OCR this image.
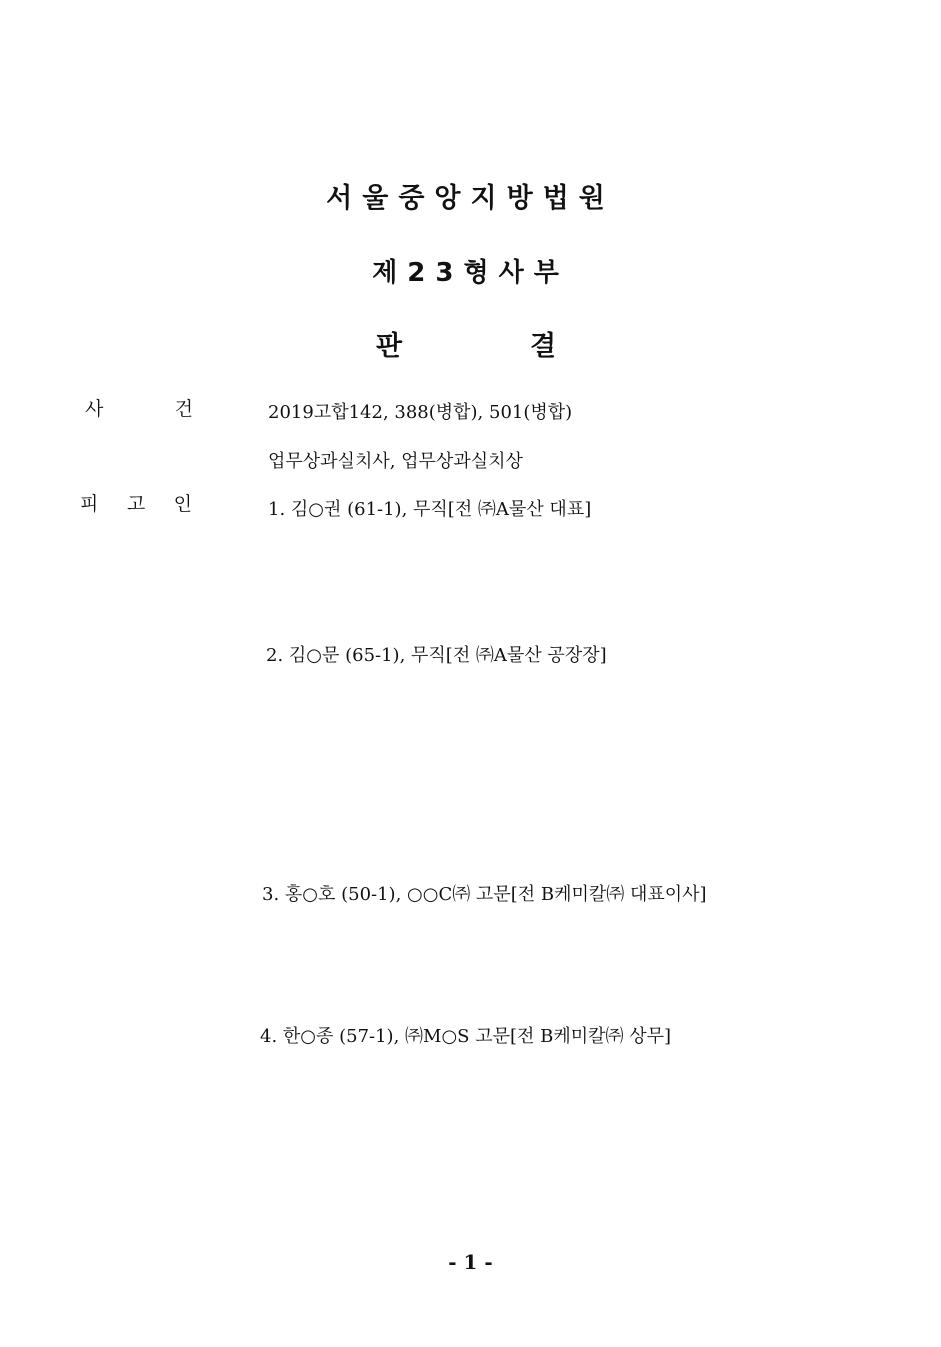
서울중앙지방법원
제23형사부
판	결
사	건	2019고합142, 388(병합), 501(병합)
업무상과실치사, 업무상과실치상
피 고 인	1. 김○권 (61-1), 무직[전 ㈜A물산 대표]
2. 김○문 (65-1), 무직[전 ㈜A물산 공장장]
3. 홍○호 (50-1), ○○C㈜ 고문[전 B케미칼㈜ 대표이사]
4. 한○종 (57-1), ㈜M○S 고문[전 B케미칼㈜ 상무]
- 1 -
